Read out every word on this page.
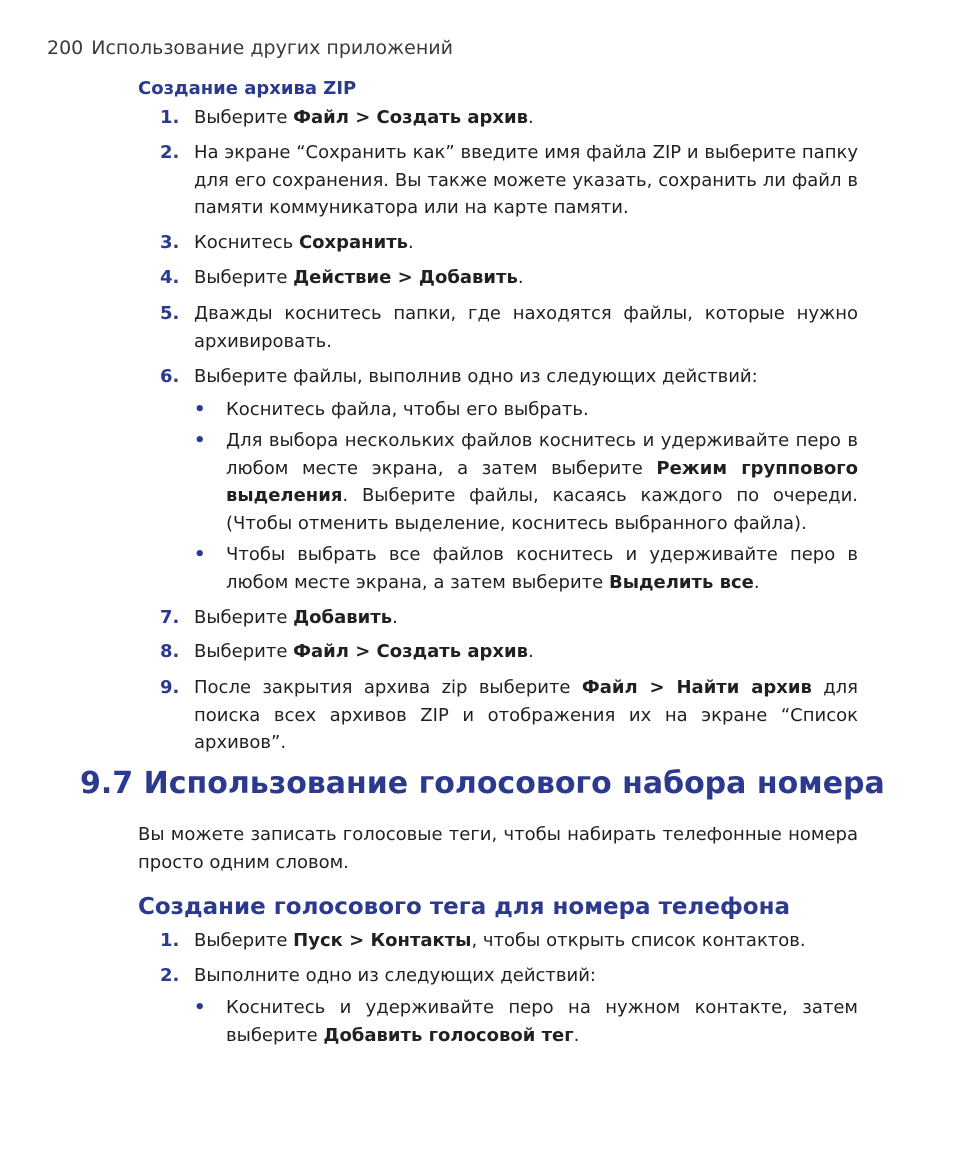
200 Использование других приложений
Создание архива ZIP
1. Выберите Файл > Создать архив.
2. На экране “Сохранить как” введите имя файла ZIP и выберите папку для его сохранения. Вы также можете указать, сохранить ли файл в памяти коммуникатора или на карте памяти.
3. Коснитесь Сохранить.
4. Выберите Действие > Добавить.
5. Дважды коснитесь папки, где находятся файлы, которые нужно архивировать.
6. Выберите файлы, выполнив одно из следующих действий:
• Коснитесь файла, чтобы его выбрать.
• Для выбора нескольких файлов коснитесь и удерживайте перо в любом месте экрана, а затем выберите Режим группового выделения. Выберите файлы, касаясь каждого по очереди. (Чтобы отменить выделение, коснитесь выбранного файла).
• Чтобы выбрать все файлов коснитесь и удерживайте перо в любом месте экрана, а затем выберите Выделить все.
7. Выберите Добавить.
8. Выберите Файл > Создать архив.
9. После закрытия архива zip выберите Файл > Найти архив для поиска всех архивов ZIP и отображения их на экране “Список архивов”.
9.7 Использование голосового набора номера
Вы можете записать голосовые теги, чтобы набирать телефонные номера просто одним словом.
Создание голосового тега для номера телефона
1. Выберите Пуск > Контакты, чтобы открыть список контактов.
2. Выполните одно из следующих действий:
• Коснитесь и удерживайте перо на нужном контакте, затем выберите Добавить голосовой тег.
